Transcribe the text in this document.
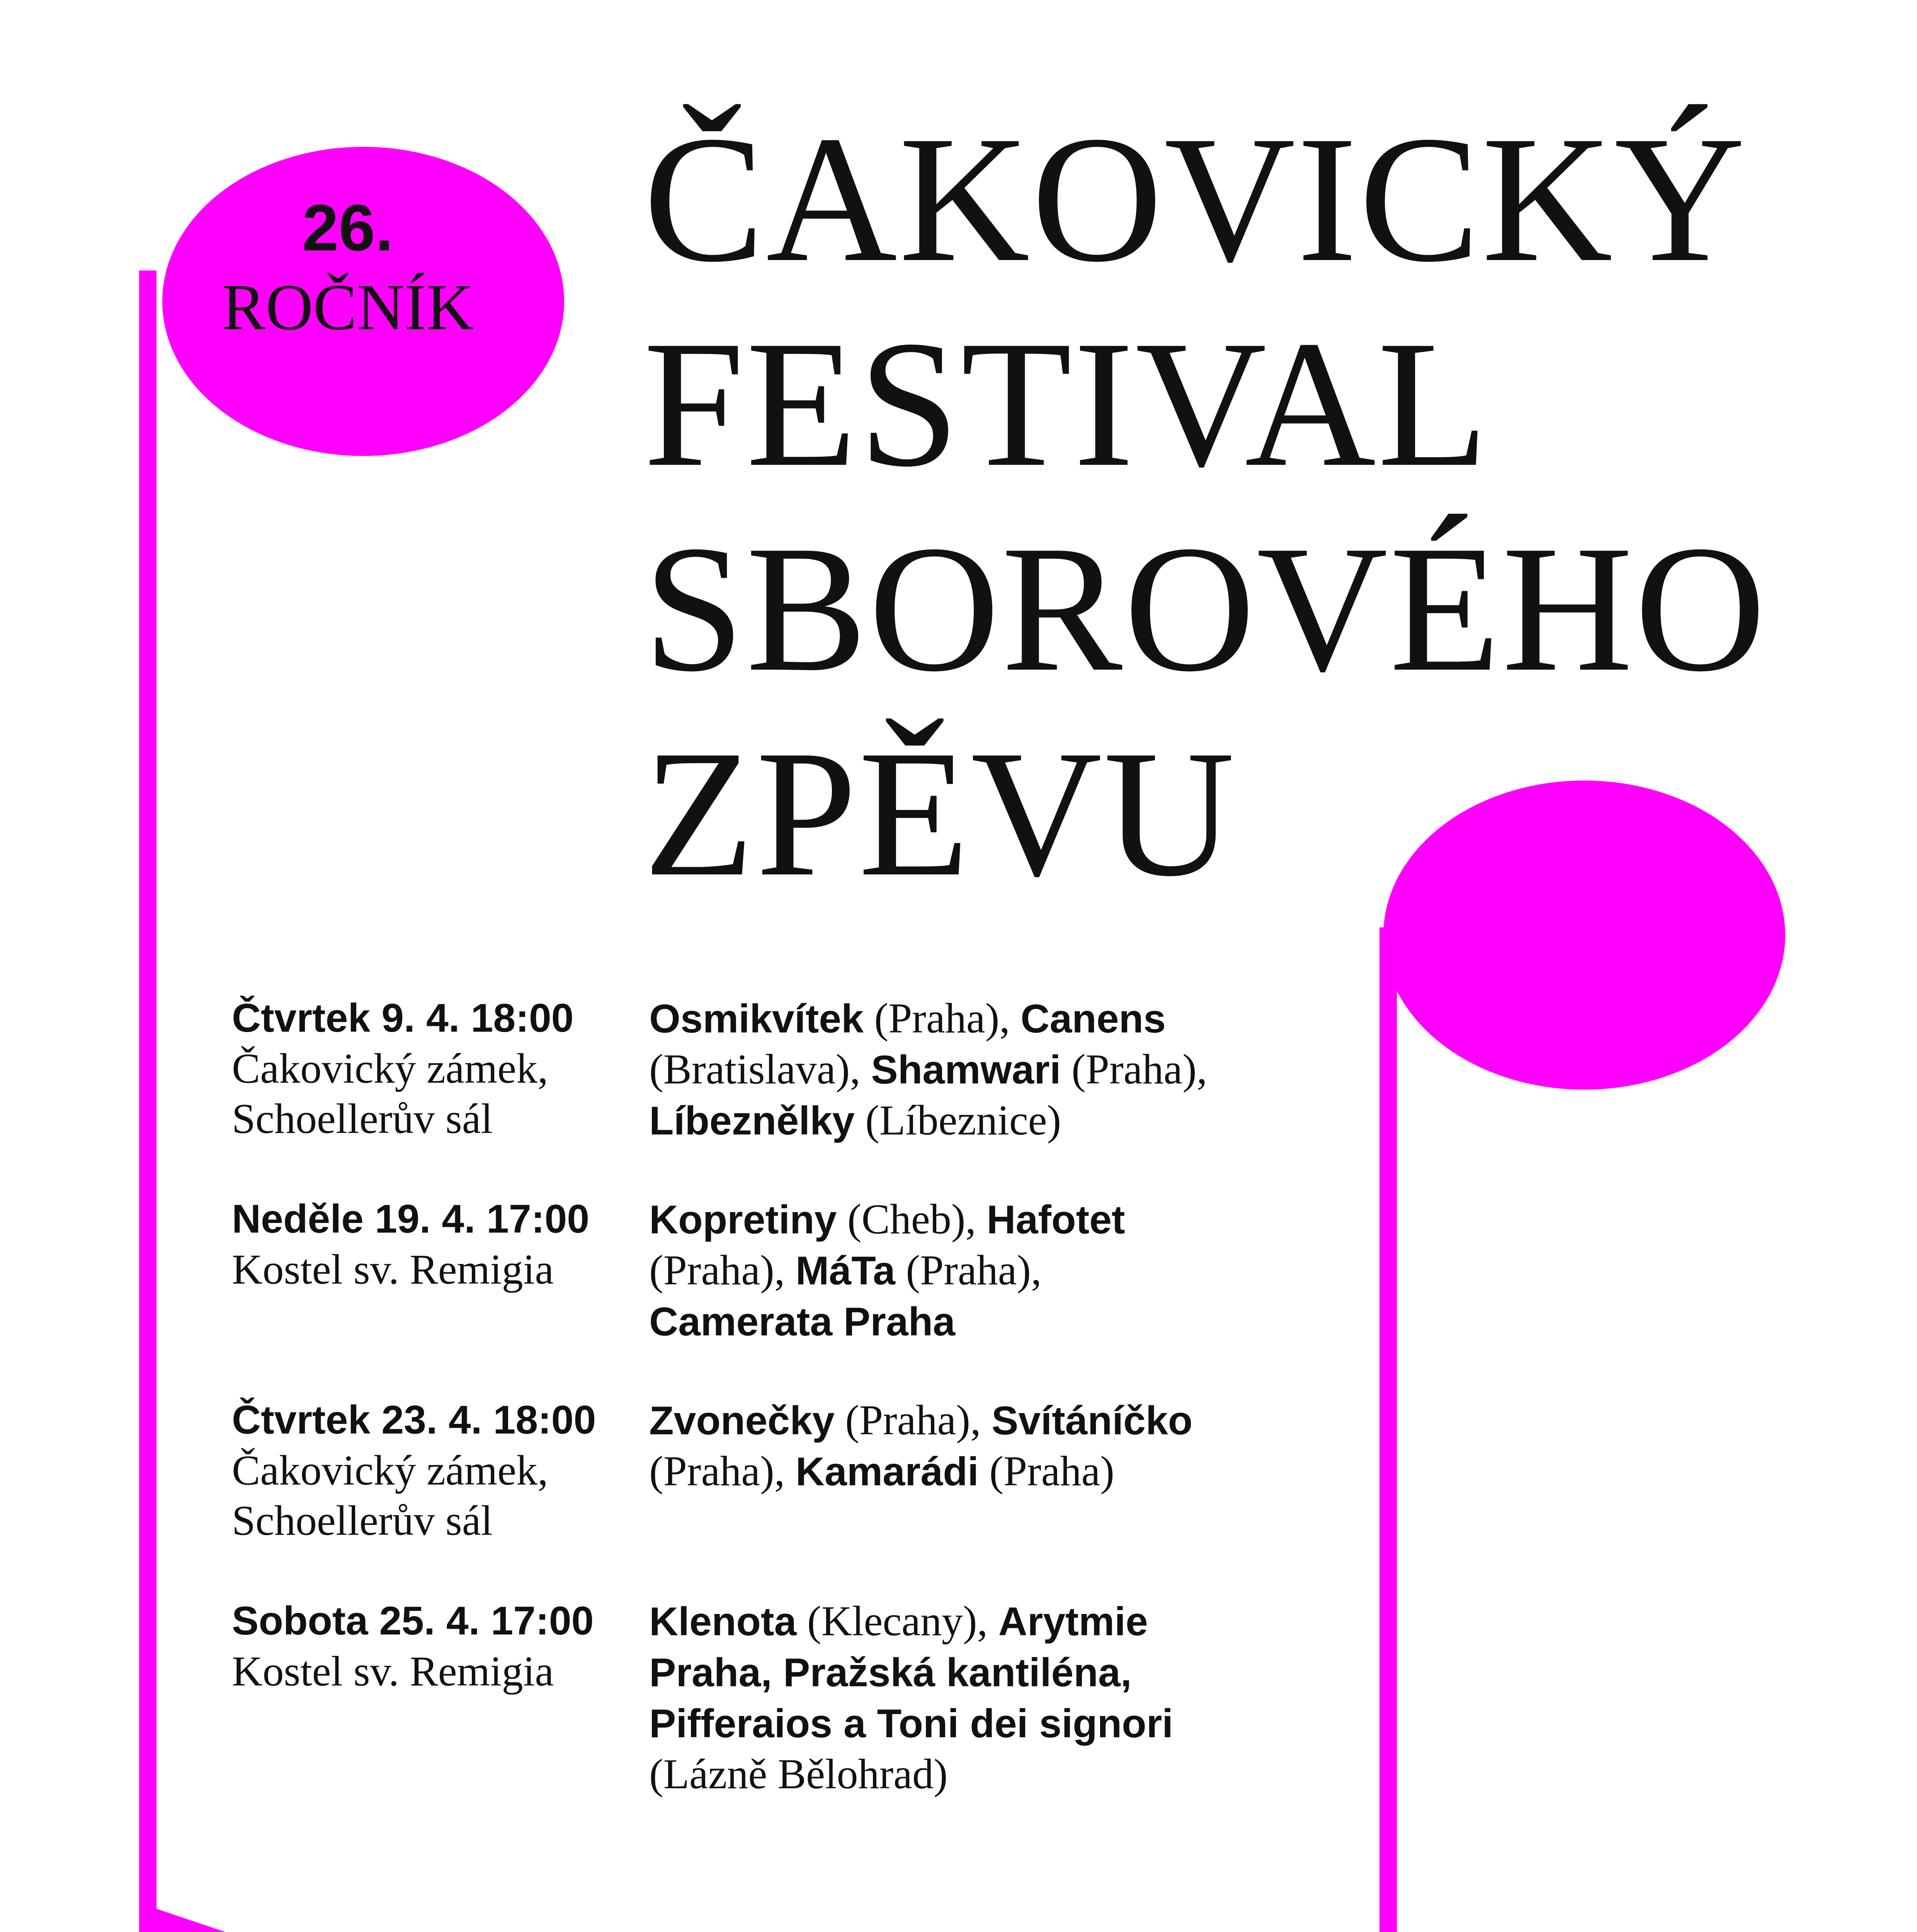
26.
ROČNÍK
ČAKOVICKÝ
FESTIVAL
SBOROVÉHO
ZPĚVU
Čtvrtek 9. 4. 18:00
Čakovický zámek,
Schoellerův sál
Osmikvítek (Praha), Canens
(Bratislava), Shamwari (Praha),
Líbeznělky (Líbeznice)
Neděle 19. 4. 17:00
Kostel sv. Remigia
Kopretiny (Cheb), Hafotet
(Praha), MáTa (Praha),
Camerata Praha
Čtvrtek 23. 4. 18:00
Čakovický zámek,
Schoellerův sál
Zvonečky (Praha), Svítáníčko
(Praha), Kamarádi (Praha)
Sobota 25. 4. 17:00
Kostel sv. Remigia
Klenota (Klecany), Arytmie
Praha, Pražská kantiléna,
Pifferaios a Toni dei signori
(Lázně Bělohrad)
